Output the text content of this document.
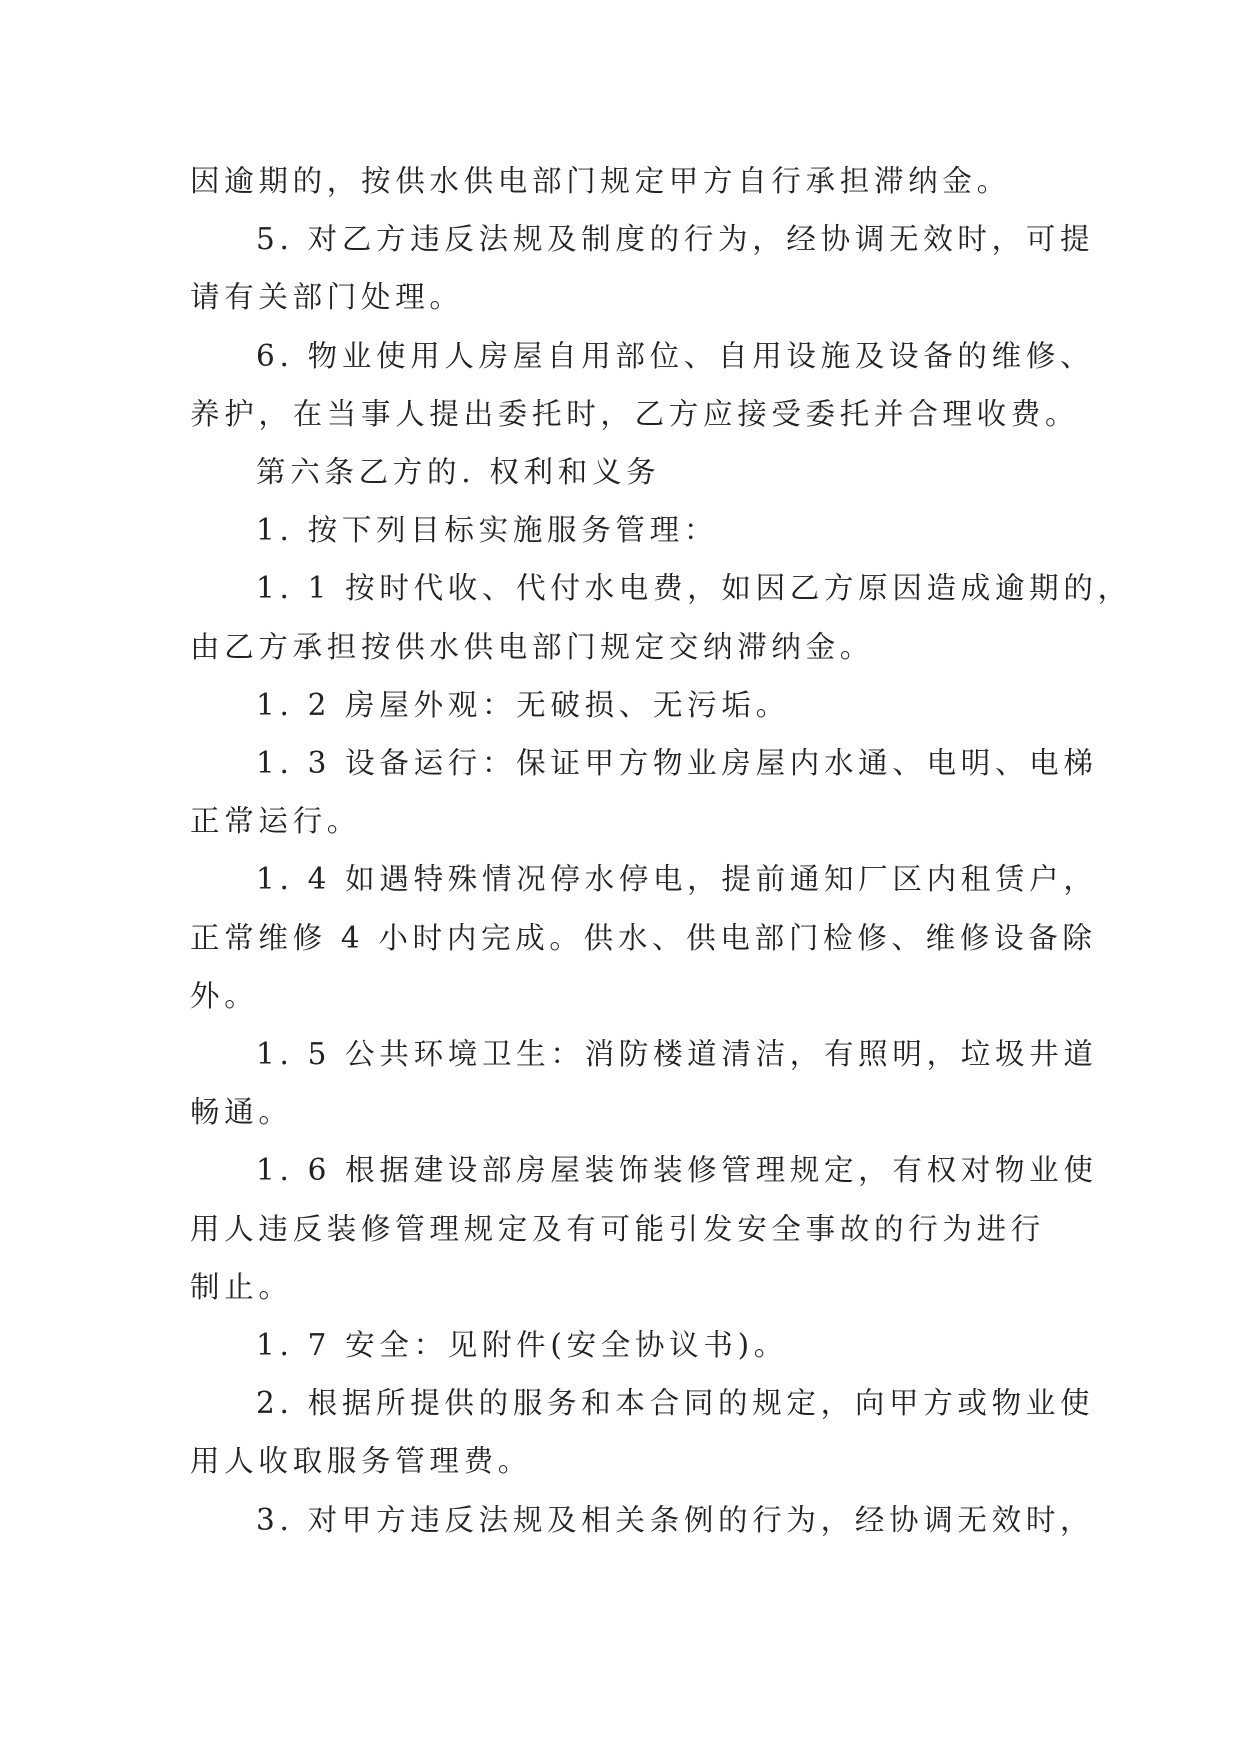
因逾期的，按供水供电部门规定甲方自行承担滞纳金。

5. 对乙方违反法规及制度的行为，经协调无效时，可提

请有关部门处理。

6. 物业使用人房屋自用部位、自用设施及设备的维修、

养护，在当事人提出委托时，乙方应接受委托并合理收费。

第六条乙方的. 权利和义务

1. 按下列目标实施服务管理：

1. 1 按时代收、代付水电费，如因乙方原因造成逾期的，

由乙方承担按供水供电部门规定交纳滞纳金。

1. 2 房屋外观：无破损、无污垢。

1. 3 设备运行：保证甲方物业房屋内水通、电明、电梯

正常运行。

1. 4 如遇特殊情况停水停电，提前通知厂区内租赁户，

正常维修 4 小时内完成。供水、供电部门检修、维修设备除

外。

1. 5 公共环境卫生：消防楼道清洁，有照明，垃圾井道

畅通。

1. 6 根据建设部房屋装饰装修管理规定，有权对物业使

用人违反装修管理规定及有可能引发安全事故的行为进行

制止。

1. 7 安全：见附件(安全协议书)。

2. 根据所提供的服务和本合同的规定，向甲方或物业使

用人收取服务管理费。

3. 对甲方违反法规及相关条例的行为，经协调无效时，
